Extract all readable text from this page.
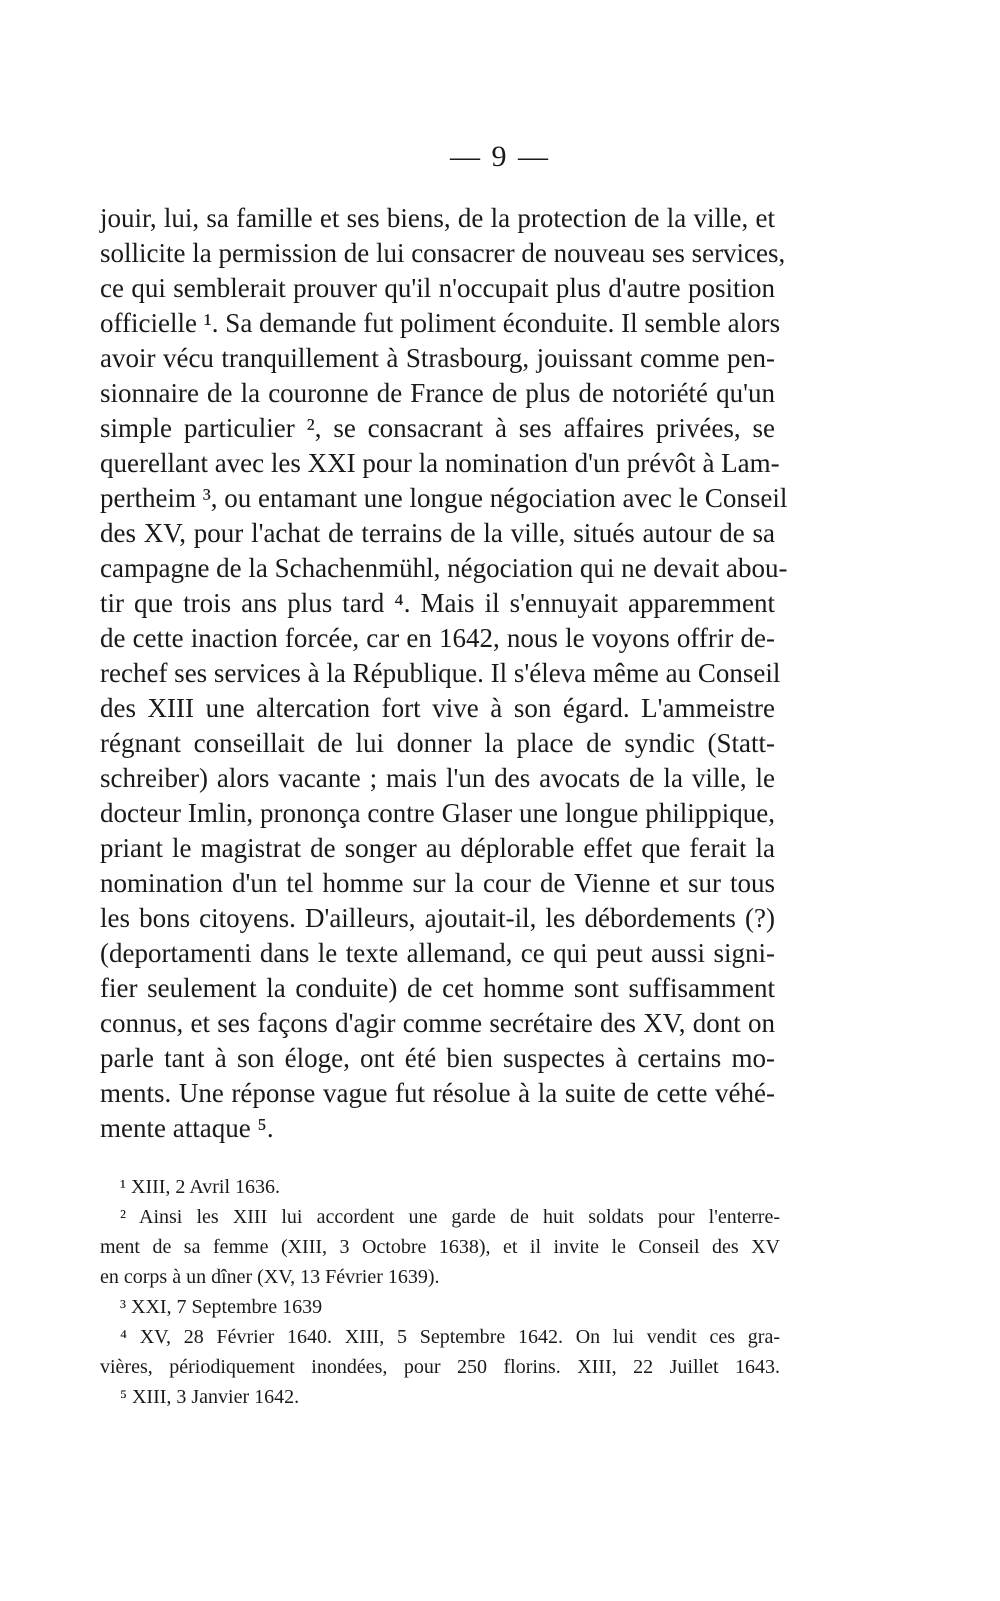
— 9 —
jouir, lui, sa famille et ses biens, de la protection de la ville, et
sollicite la permission de lui consacrer de nouveau ses services,
ce qui semblerait prouver qu'il n'occupait plus d'autre position
officielle ¹. Sa demande fut poliment éconduite. Il semble alors
avoir vécu tranquillement à Strasbourg, jouissant comme pen-
sionnaire de la couronne de France de plus de notoriété qu'un
simple particulier ², se consacrant à ses affaires privées, se
querellant avec les XXI pour la nomination d'un prévôt à Lam-
pertheim ³, ou entamant une longue négociation avec le Conseil
des XV, pour l'achat de terrains de la ville, situés autour de sa
campagne de la Schachenmühl, négociation qui ne devait abou-
tir que trois ans plus tard ⁴. Mais il s'ennuyait apparemment
de cette inaction forcée, car en 1642, nous le voyons offrir de-
rechef ses services à la République. Il s'éleva même au Conseil
des XIII une altercation fort vive à son égard. L'ammeistre
régnant conseillait de lui donner la place de syndic (Statt-
schreiber) alors vacante ; mais l'un des avocats de la ville, le
docteur Imlin, prononça contre Glaser une longue philippique,
priant le magistrat de songer au déplorable effet que ferait la
nomination d'un tel homme sur la cour de Vienne et sur tous
les bons citoyens. D'ailleurs, ajoutait-il, les débordements (?)
(deportamenti dans le texte allemand, ce qui peut aussi signi-
fier seulement la conduite) de cet homme sont suffisamment
connus, et ses façons d'agir comme secrétaire des XV, dont on
parle tant à son éloge, ont été bien suspectes à certains mo-
ments. Une réponse vague fut résolue à la suite de cette véhé-
mente attaque ⁵.
¹ XIII, 2 Avril 1636.
² Ainsi les XIII lui accordent une garde de huit soldats pour l'enterre-
ment de sa femme (XIII, 3 Octobre 1638), et il invite le Conseil des XV
en corps à un dîner (XV, 13 Février 1639).
³ XXI, 7 Septembre 1639
⁴ XV, 28 Février 1640. XIII, 5 Septembre 1642. On lui vendit ces gra-
vières, périodiquement inondées, pour 250 florins. XIII, 22 Juillet 1643.
⁵ XIII, 3 Janvier 1642.
